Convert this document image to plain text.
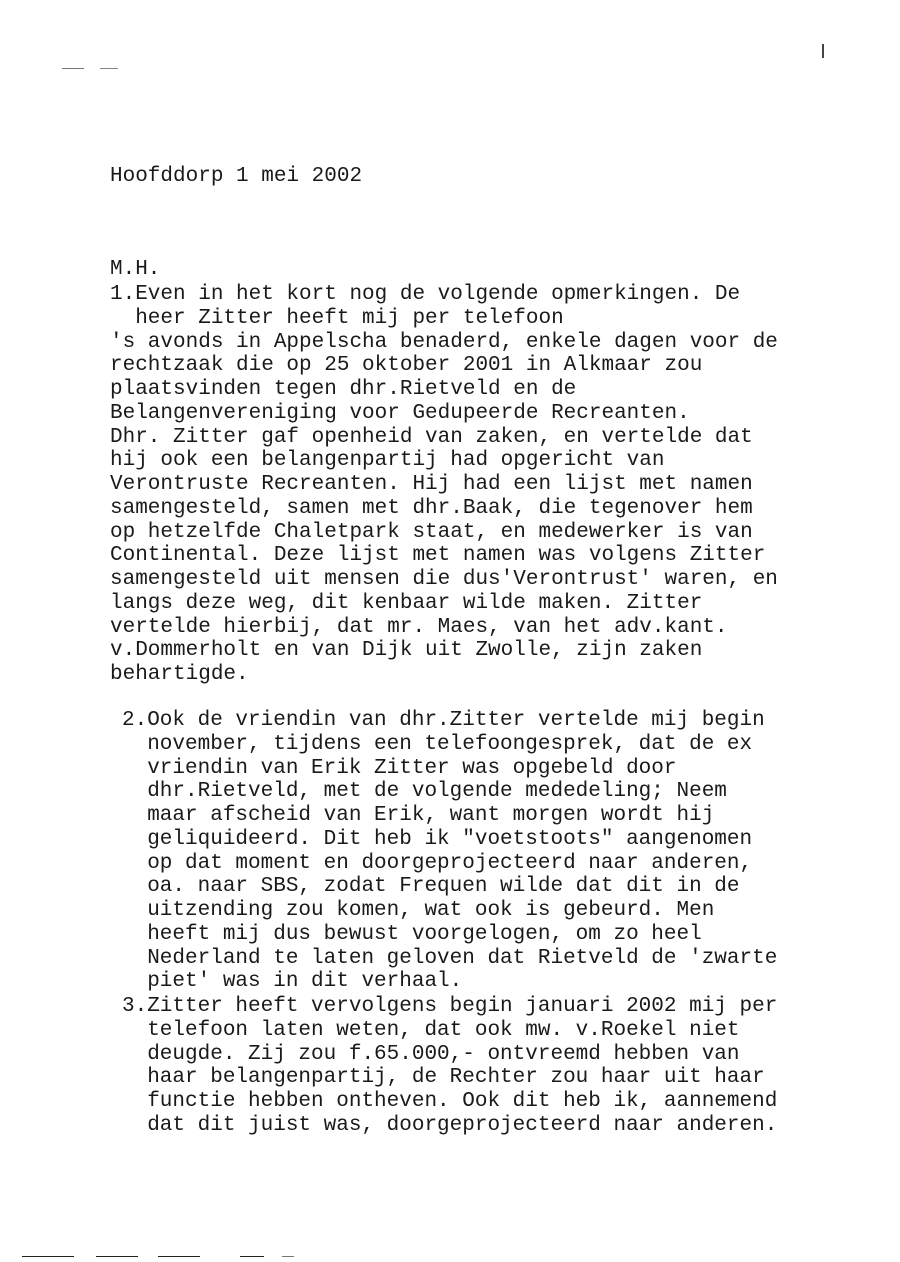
Hoofddorp 1 mei 2002
M.H.
1.Even in het kort nog de volgende opmerkingen. De
heer Zitter heeft mij per telefoon
's avonds in Appelscha benaderd, enkele dagen voor de
rechtzaak die op 25 oktober 2001 in Alkmaar zou
plaatsvinden tegen dhr.Rietveld en de
Belangenvereniging voor Gedupeerde Recreanten.
Dhr. Zitter gaf openheid van zaken, en vertelde dat
hij ook een belangenpartij had opgericht van
Verontruste Recreanten. Hij had een lijst met namen
samengesteld, samen met dhr.Baak, die tegenover hem
op hetzelfde Chaletpark staat, en medewerker is van
Continental. Deze lijst met namen was volgens Zitter
samengesteld uit mensen die dus'Verontrust' waren, en
langs deze weg, dit kenbaar wilde maken. Zitter
vertelde hierbij, dat mr. Maes, van het adv.kant.
v.Dommerholt en van Dijk uit Zwolle, zijn zaken
behartigde.
2.Ook de vriendin van dhr.Zitter vertelde mij begin
november, tijdens een telefoongesprek, dat de ex
vriendin van Erik Zitter was opgebeld door
dhr.Rietveld, met de volgende mededeling; Neem
maar afscheid van Erik, want morgen wordt hij
geliquideerd. Dit heb ik "voetstoots" aangenomen
op dat moment en doorgeprojecteerd naar anderen,
oa. naar SBS, zodat Frequen wilde dat dit in de
uitzending zou komen, wat ook is gebeurd. Men
heeft mij dus bewust voorgelogen, om zo heel
Nederland te laten geloven dat Rietveld de 'zwarte
piet' was in dit verhaal.
3.Zitter heeft vervolgens begin januari 2002 mij per
telefoon laten weten, dat ook mw. v.Roekel niet
deugde. Zij zou f.65.000,- ontvreemd hebben van
haar belangenpartij, de Rechter zou haar uit haar
functie hebben ontheven. Ook dit heb ik, aannemend
dat dit juist was, doorgeprojecteerd naar anderen.
